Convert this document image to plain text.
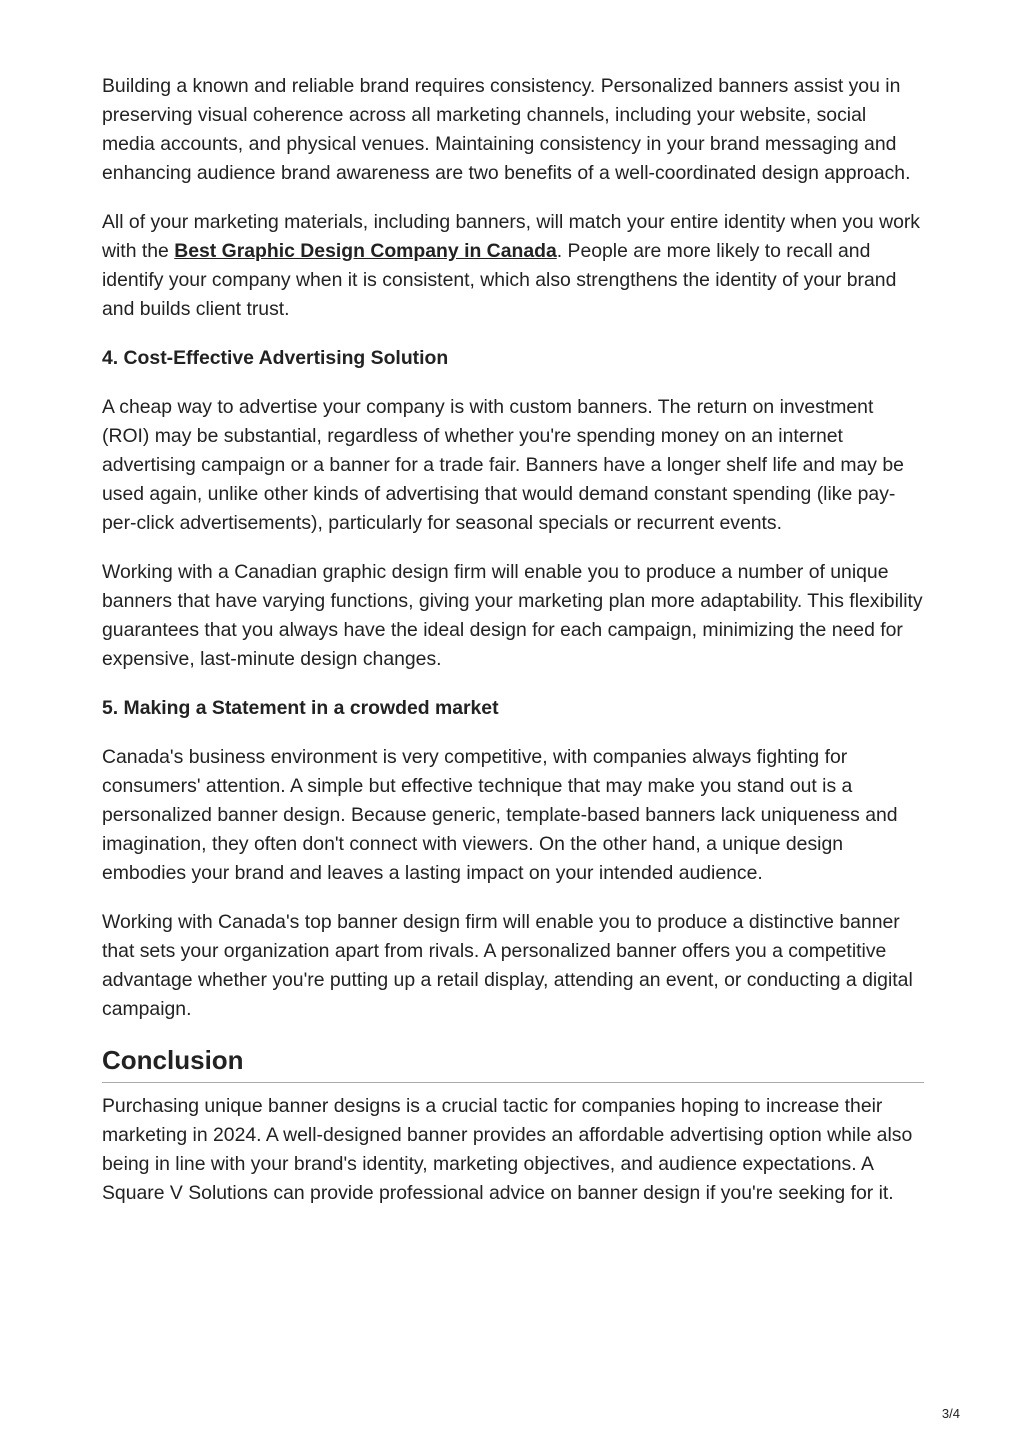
Building a known and reliable brand requires consistency. Personalized banners assist you in preserving visual coherence across all marketing channels, including your website, social media accounts, and physical venues. Maintaining consistency in your brand messaging and enhancing audience brand awareness are two benefits of a well-coordinated design approach.

All of your marketing materials, including banners, will match your entire identity when you work with the Best Graphic Design Company in Canada. People are more likely to recall and identify your company when it is consistent, which also strengthens the identity of your brand and builds client trust.

4. Cost-Effective Advertising Solution

A cheap way to advertise your company is with custom banners. The return on investment (ROI) may be substantial, regardless of whether you're spending money on an internet advertising campaign or a banner for a trade fair. Banners have a longer shelf life and may be used again, unlike other kinds of advertising that would demand constant spending (like pay-per-click advertisements), particularly for seasonal specials or recurrent events.

Working with a Canadian graphic design firm will enable you to produce a number of unique banners that have varying functions, giving your marketing plan more adaptability. This flexibility guarantees that you always have the ideal design for each campaign, minimizing the need for expensive, last-minute design changes.

5. Making a Statement in a crowded market

Canada's business environment is very competitive, with companies always fighting for consumers' attention. A simple but effective technique that may make you stand out is a personalized banner design. Because generic, template-based banners lack uniqueness and imagination, they often don't connect with viewers. On the other hand, a unique design embodies your brand and leaves a lasting impact on your intended audience.

Working with Canada's top banner design firm will enable you to produce a distinctive banner that sets your organization apart from rivals. A personalized banner offers you a competitive advantage whether you're putting up a retail display, attending an event, or conducting a digital campaign.

Conclusion

Purchasing unique banner designs is a crucial tactic for companies hoping to increase their marketing in 2024. A well-designed banner provides an affordable advertising option while also being in line with your brand's identity, marketing objectives, and audience expectations. A Square V Solutions can provide professional advice on banner design if you're seeking for it.

3/4
